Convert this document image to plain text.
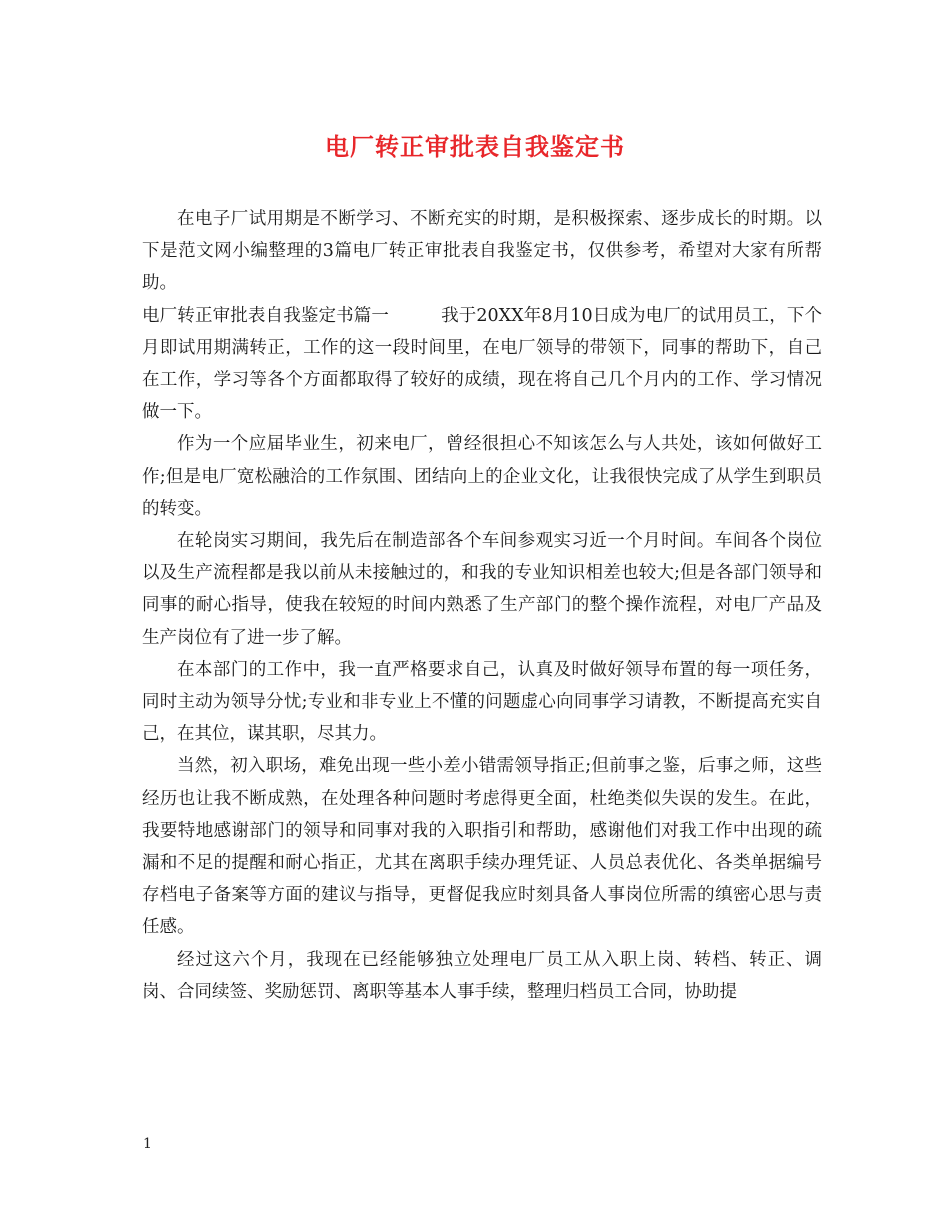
电厂转正审批表自我鉴定书

在电子厂试用期是不断学习、不断充实的时期，是积极探索、逐步成长的时期。以下是范文网小编整理的3篇电厂转正审批表自我鉴定书，仅供参考，希望对大家有所帮助。

电厂转正审批表自我鉴定书篇一	我于20XX年8月10日成为电厂的试用员工，下个月即试用期满转正，工作的这一段时间里，在电厂领导的带领下，同事的帮助下，自己在工作，学习等各个方面都取得了较好的成绩，现在将自己几个月内的工作、学习情况做一下。

作为一个应届毕业生，初来电厂，曾经很担心不知该怎么与人共处，该如何做好工作;但是电厂宽松融洽的工作氛围、团结向上的企业文化，让我很快完成了从学生到职员的转变。

在轮岗实习期间，我先后在制造部各个车间参观实习近一个月时间。车间各个岗位以及生产流程都是我以前从未接触过的，和我的专业知识相差也较大;但是各部门领导和同事的耐心指导，使我在较短的时间内熟悉了生产部门的整个操作流程，对电厂产品及生产岗位有了进一步了解。

在本部门的工作中，我一直严格要求自己，认真及时做好领导布置的每一项任务，同时主动为领导分忧;专业和非专业上不懂的问题虚心向同事学习请教，不断提高充实自己，在其位，谋其职，尽其力。

当然，初入职场，难免出现一些小差小错需领导指正;但前事之鉴，后事之师，这些经历也让我不断成熟，在处理各种问题时考虑得更全面，杜绝类似失误的发生。在此，我要特地感谢部门的领导和同事对我的入职指引和帮助，感谢他们对我工作中出现的疏漏和不足的提醒和耐心指正，尤其在离职手续办理凭证、人员总表优化、各类单据编号存档电子备案等方面的建议与指导，更督促我应时刻具备人事岗位所需的缜密心思与责任感。

经过这六个月，我现在已经能够独立处理电厂员工从入职上岗、转档、转正、调岗、合同续签、奖励惩罚、离职等基本人事手续，整理归档员工合同，协助提

1
